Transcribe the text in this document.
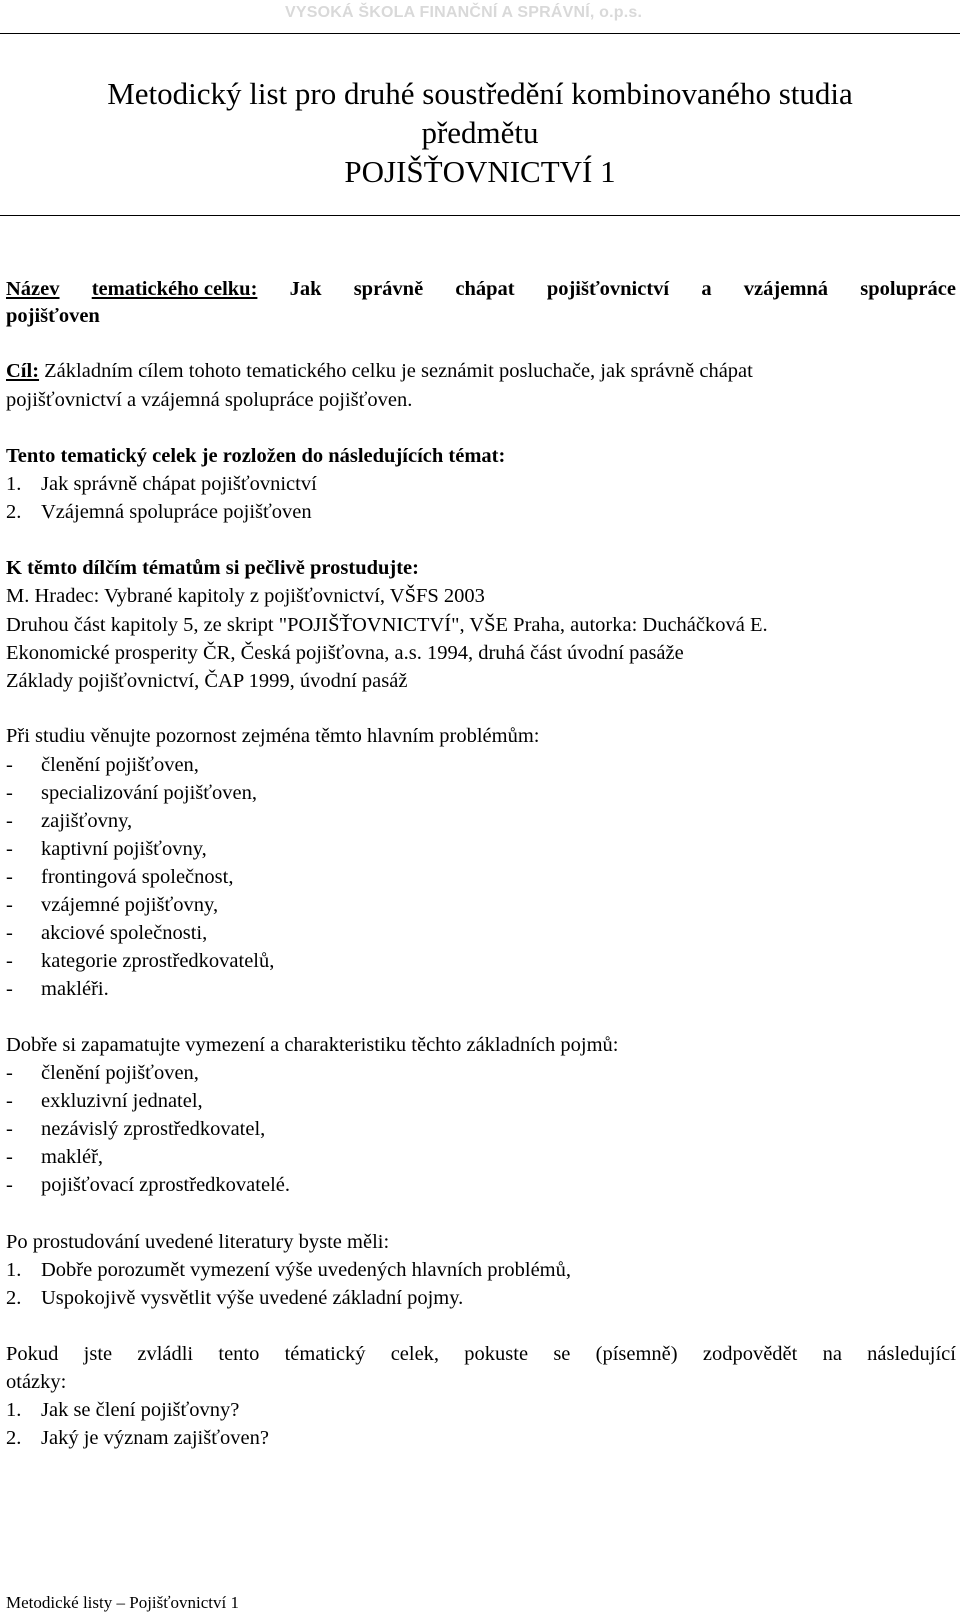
VYSOKÁ ŠKOLA FINANČNÍ A SPRÁVNÍ, o.p.s.
Metodický list pro druhé soustředění kombinovaného studia
předmětu
POJIŠŤOVNICTVÍ 1
Název tematického celku: Jak správně chápat pojišťovnictví a vzájemná spolupráce
pojišťoven
Cíl: Základním cílem tohoto tematického celku je seznámit posluchače, jak správně chápat
pojišťovnictví a vzájemná spolupráce pojišťoven.
Tento tematický celek je rozložen do následujících témat:
1. Jak správně chápat pojišťovnictví
2. Vzájemná spolupráce pojišťoven
K těmto dílčím tématům si pečlivě prostudujte:
M. Hradec: Vybrané kapitoly z pojišťovnictví, VŠFS 2003
Druhou část kapitoly 5, ze skript "POJIŠŤOVNICTVÍ", VŠE Praha, autorka: Ducháčková E.
Ekonomické prosperity ČR, Česká pojišťovna, a.s. 1994, druhá část úvodní pasáže
Základy pojišťovnictví, ČAP 1999, úvodní pasáž
Při studiu věnujte pozornost zejména těmto hlavním problémům:
- členění pojišťoven,
- specializování pojišťoven,
- zajišťovny,
- kaptivní pojišťovny,
- frontingová společnost,
- vzájemné pojišťovny,
- akciové společnosti,
- kategorie zprostředkovatelů,
- makléři.
Dobře si zapamatujte vymezení a charakteristiku těchto základních pojmů:
- členění pojišťoven,
- exkluzivní jednatel,
- nezávislý zprostředkovatel,
- makléř,
- pojišťovací zprostředkovatelé.
Po prostudování uvedené literatury byste měli:
1. Dobře porozumět vymezení výše uvedených hlavních problémů,
2. Uspokojivě vysvětlit výše uvedené základní pojmy.
Pokud jste zvládli tento tématický celek, pokuste se (písemně) zodpovědět na následující
otázky:
1. Jak se člení pojišťovny?
2. Jaký je význam zajišťoven?
Metodické listy – Pojišťovnictví 1
